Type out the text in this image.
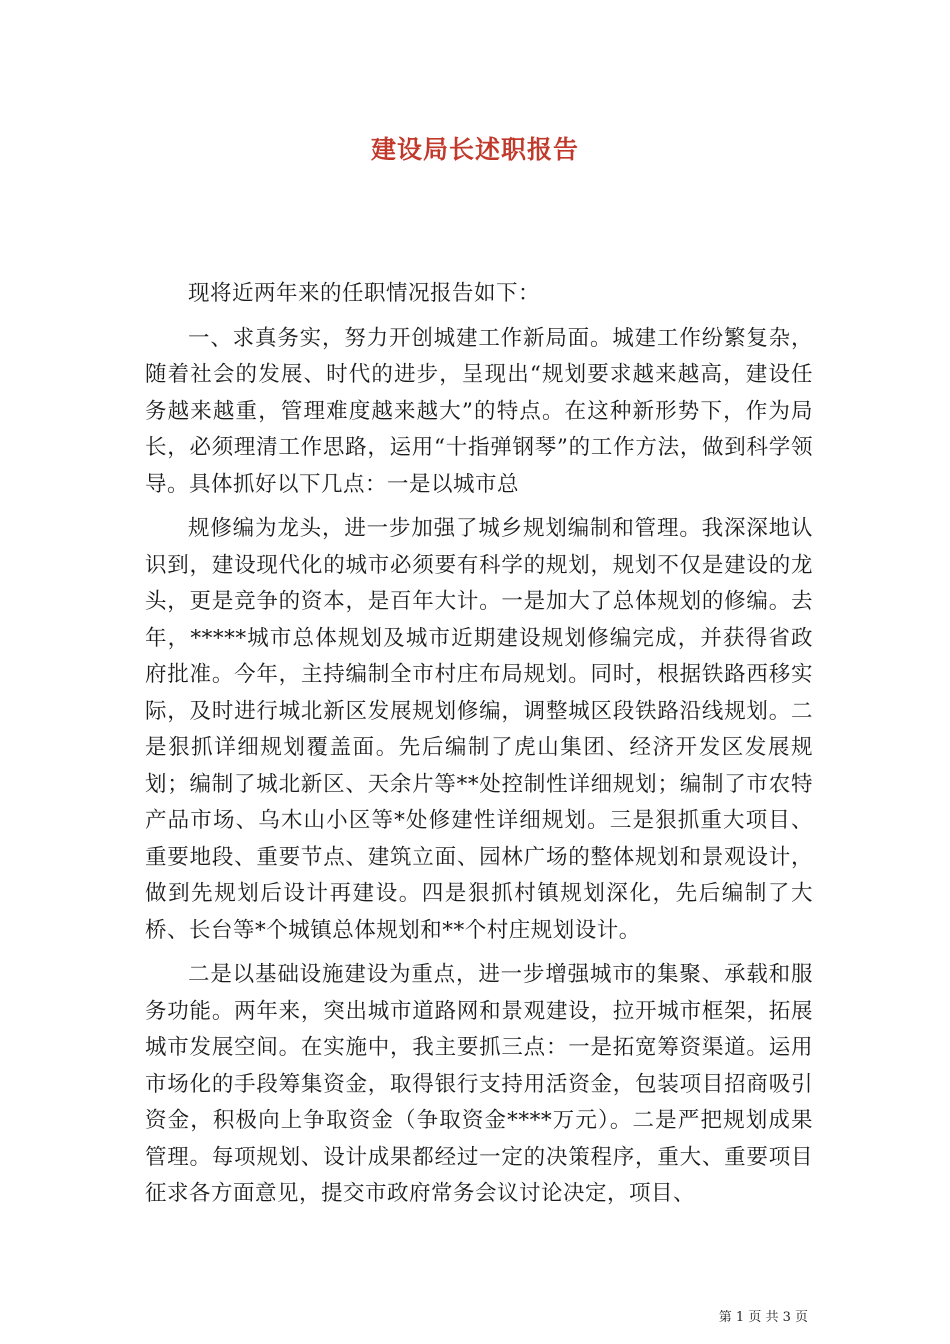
建设局长述职报告

现将近两年来的任职情况报告如下：

一、求真务实，努力开创城建工作新局面。城建工作纷繁复杂，随着社会的发展、时代的进步，呈现出“规划要求越来越高，建设任务越来越重，管理难度越来越大”的特点。在这种新形势下，作为局长，必须理清工作思路，运用“十指弹钢琴”的工作方法，做到科学领导。具体抓好以下几点：一是以城市总

规修编为龙头，进一步加强了城乡规划编制和管理。我深深地认识到，建设现代化的城市必须要有科学的规划，规划不仅是建设的龙头，更是竞争的资本，是百年大计。一是加大了总体规划的修编。去年，*****城市总体规划及城市近期建设规划修编完成，并获得省政府批准。今年，主持编制全市村庄布局规划。同时，根据铁路西移实际，及时进行城北新区发展规划修编，调整城区段铁路沿线规划。二是狠抓详细规划覆盖面。先后编制了虎山集团、经济开发区发展规划；编制了城北新区、天余片等**处控制性详细规划；编制了市农特产品市场、乌木山小区等*处修建性详细规划。三是狠抓重大项目、重要地段、重要节点、建筑立面、园林广场的整体规划和景观设计，做到先规划后设计再建设。四是狠抓村镇规划深化，先后编制了大桥、长台等*个城镇总体规划和**个村庄规划设计。

二是以基础设施建设为重点，进一步增强城市的集聚、承载和服务功能。两年来，突出城市道路网和景观建设，拉开城市框架，拓展城市发展空间。在实施中，我主要抓三点：一是拓宽筹资渠道。运用市场化的手段筹集资金，取得银行支持用活资金，包装项目招商吸引资金，积极向上争取资金（争取资金****万元）。二是严把规划成果管理。每项规划、设计成果都经过一定的决策程序，重大、重要项目征求各方面意见，提交市政府常务会议讨论决定，项目、

第 1 页 共 3 页
